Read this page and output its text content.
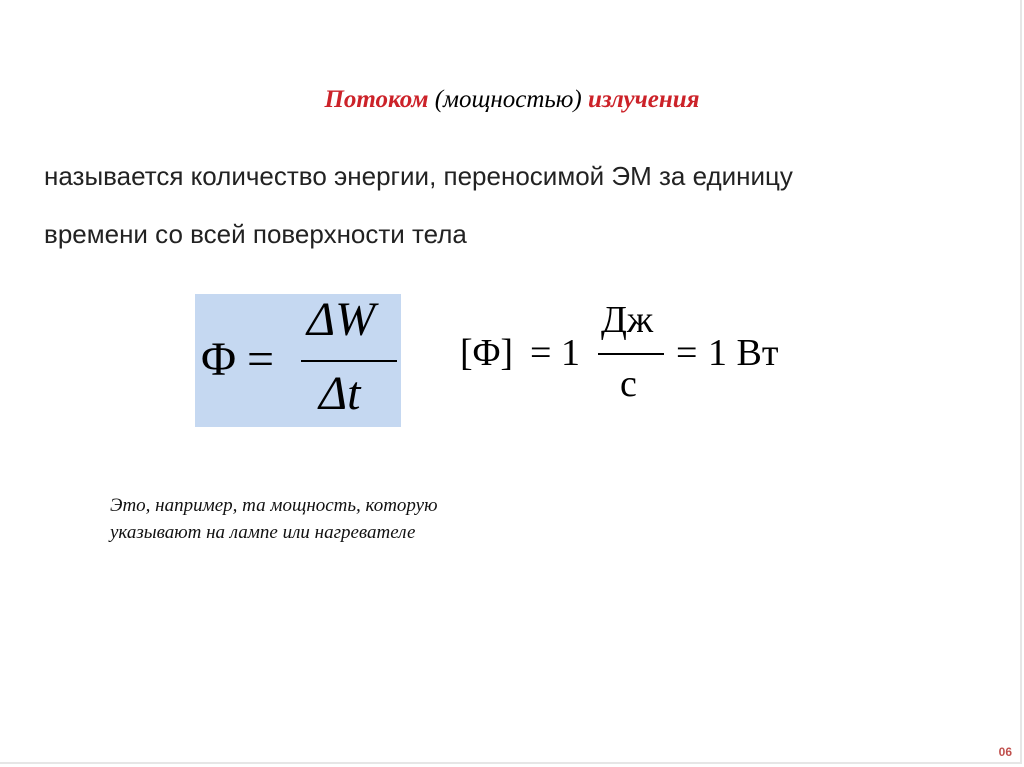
Потоком (мощностью) излучения
называется количество энергии, переносимой ЭМ за единицу
времени со всей поверхности тела
Φ =
ΔW
Δt
[Φ] = 1
Дж
с
= 1 Вт
Это, например, та мощность, которую
указывают на лампе или нагревателе
06
